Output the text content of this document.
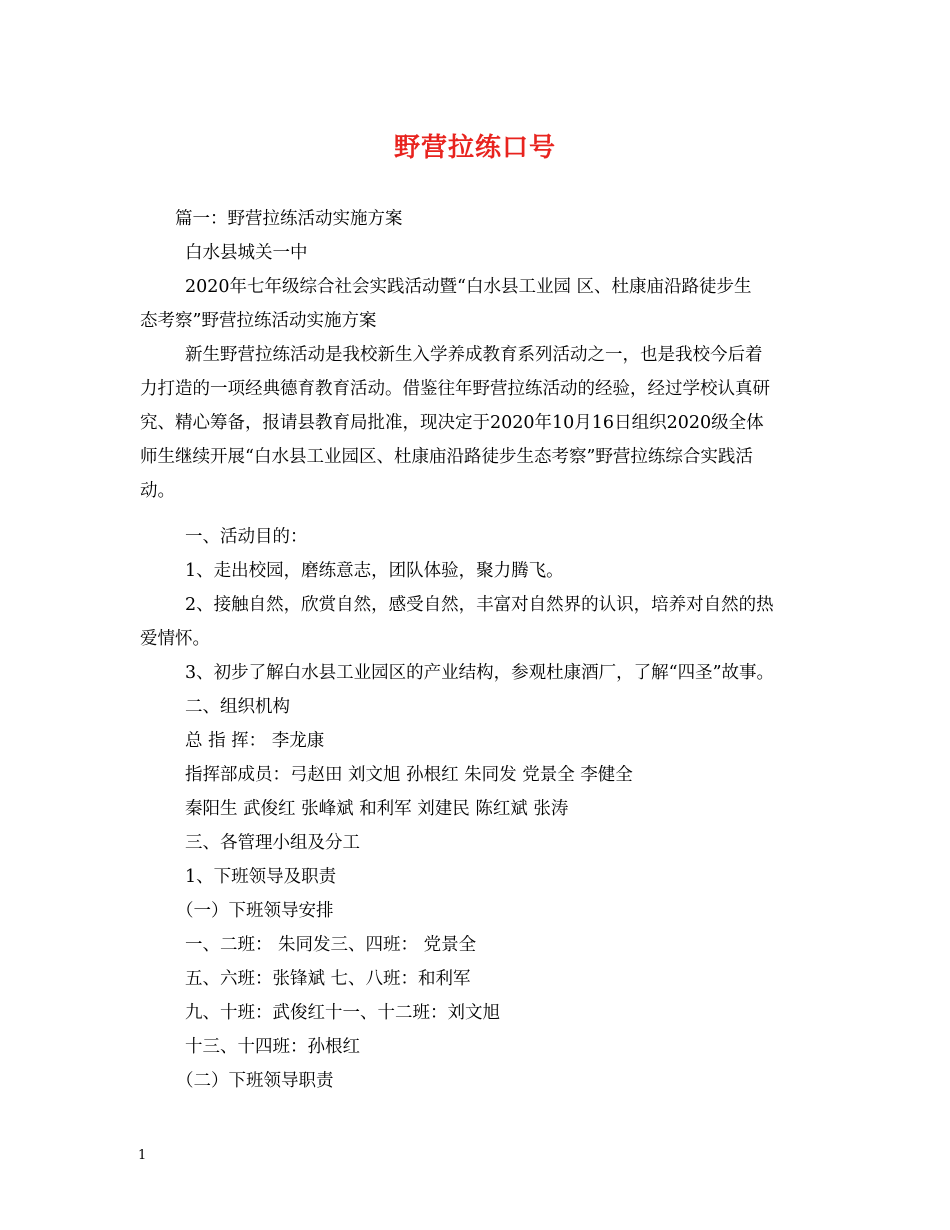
野营拉练口号
篇一：野营拉练活动实施方案
白水县城关一中
2020年七年级综合社会实践活动暨“白水县工业园 区、杜康庙沿路徒步生
态考察”野营拉练活动实施方案
新生野营拉练活动是我校新生入学养成教育系列活动之一，也是我校今后着
力打造的一项经典德育教育活动。借鉴往年野营拉练活动的经验，经过学校认真研
究、精心筹备，报请县教育局批准，现决定于2020年10月16日组织2020级全体
师生继续开展“白水县工业园区、杜康庙沿路徒步生态考察”野营拉练综合实践活
动。
一、活动目的：
1、走出校园，磨练意志，团队体验，聚力腾飞。
2、接触自然，欣赏自然，感受自然，丰富对自然界的认识，培养对自然的热
爱情怀。
3、初步了解白水县工业园区的产业结构，参观杜康酒厂，了解“四圣”故事。
二、组织机构
总 指 挥： 李龙康
指挥部成员：弓赵田 刘文旭 孙根红 朱同发 党景全 李健全
秦阳生 武俊红 张峰斌 和利军 刘建民 陈红斌 张涛
三、各管理小组及分工
1、下班领导及职责
（一）下班领导安排
一、二班： 朱同发三、四班： 党景全
五、六班：张锋斌 七、八班：和利军
九、十班：武俊红十一、十二班：刘文旭
十三、十四班：孙根红
（二）下班领导职责
1
